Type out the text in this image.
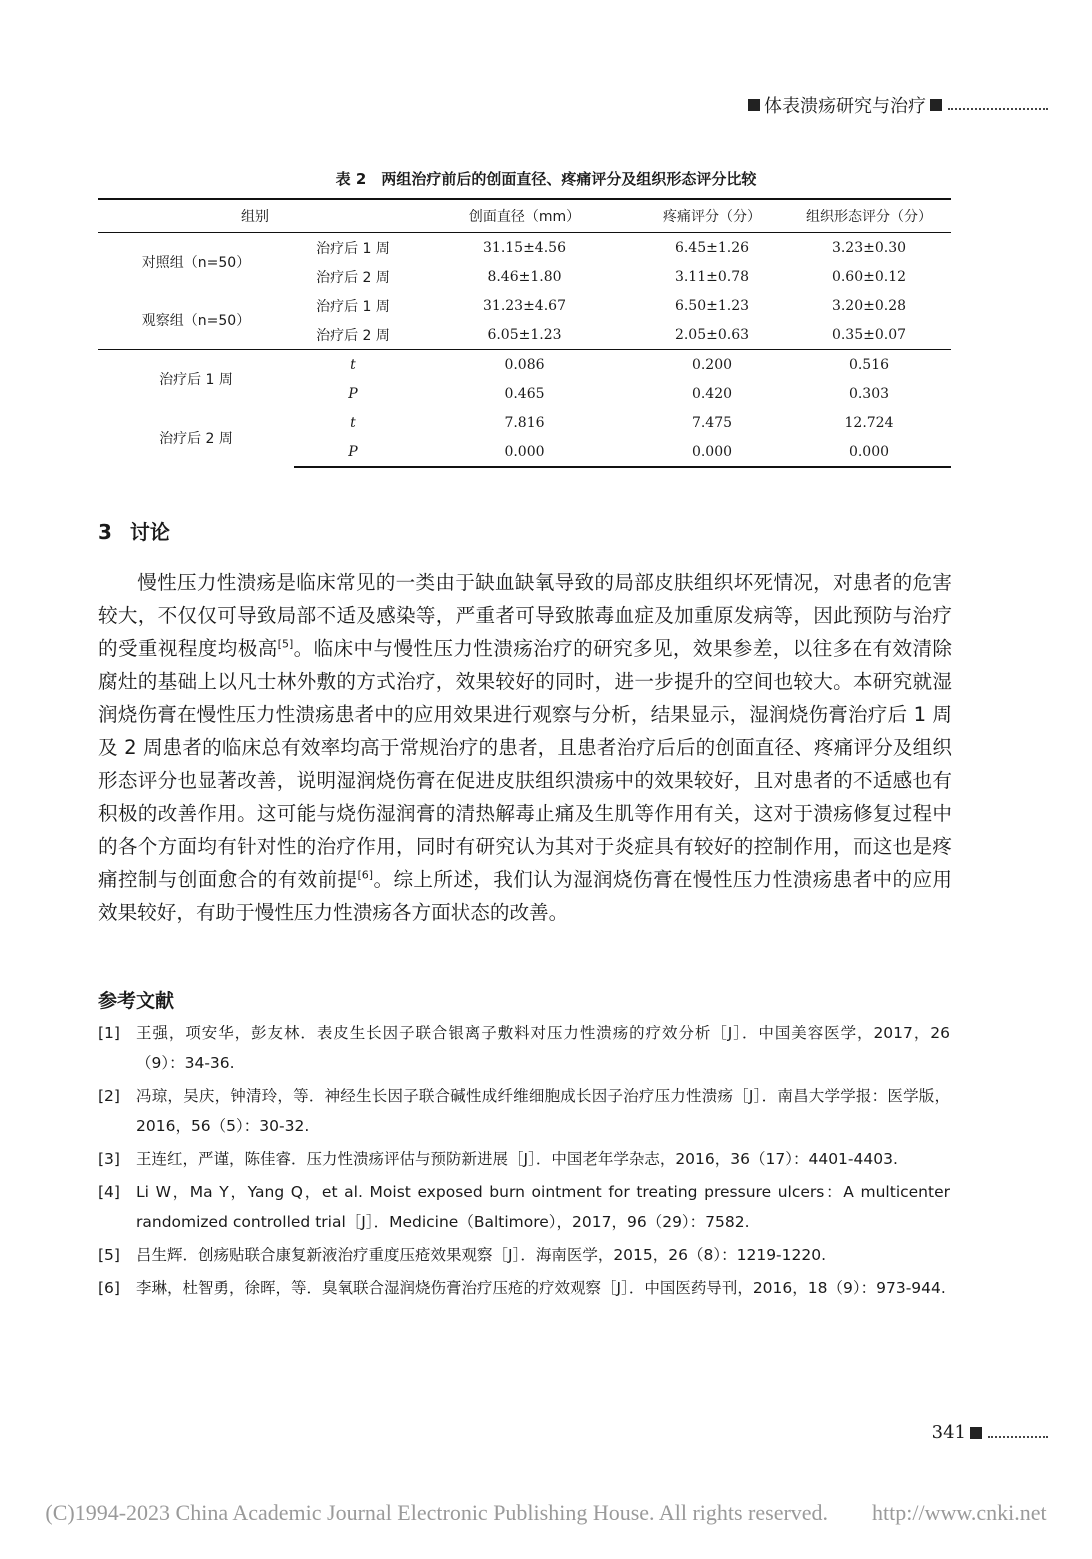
体表溃疡研究与治疗
表 2　两组治疗前后的创面直径、疼痛评分及组织形态评分比较
组别		创面直径（mm）	疼痛评分（分）	组织形态评分（分）
对照组（n=50）	治疗后 1 周	31.15±4.56	6.45±1.26	3.23±0.30
	治疗后 2 周	8.46±1.80	3.11±0.78	0.60±0.12
观察组（n=50）	治疗后 1 周	31.23±4.67	6.50±1.23	3.20±0.28
	治疗后 2 周	6.05±1.23	2.05±0.63	0.35±0.07
治疗后 1 周	t	0.086	0.200	0.516
	P	0.465	0.420	0.303
治疗后 2 周	t	7.816	7.475	12.724
	P	0.000	0.000	0.000
3 讨论

慢性压力性溃疡是临床常见的一类由于缺血缺氧导致的局部皮肤组织坏死情况，对患者的危害较大，不仅仅可导致局部不适及感染等，严重者可导致脓毒血症及加重原发病等，因此预防与治疗的受重视程度均极高[5]。临床中与慢性压力性溃疡治疗的研究多见，效果参差，以往多在有效清除腐灶的基础上以凡士林外敷的方式治疗，效果较好的同时，进一步提升的空间也较大。本研究就湿润烧伤膏在慢性压力性溃疡患者中的应用效果进行观察与分析，结果显示，湿润烧伤膏治疗后 1 周及 2 周患者的临床总有效率均高于常规治疗的患者，且患者治疗后后的创面直径、疼痛评分及组织形态评分也显著改善，说明湿润烧伤膏在促进皮肤组织溃疡中的效果较好，且对患者的不适感也有积极的改善作用。这可能与烧伤湿润膏的清热解毒止痛及生肌等作用有关，这对于溃疡修复过程中的各个方面均有针对性的治疗作用，同时有研究认为其对于炎症具有较好的控制作用，而这也是疼痛控制与创面愈合的有效前提[6]。综上所述，我们认为湿润烧伤膏在慢性压力性溃疡患者中的应用效果较好，有助于慢性压力性溃疡各方面状态的改善。

参考文献
[1]	王强，项安华，彭友林．表皮生长因子联合银离子敷料对压力性溃疡的疗效分析［J］．中国美容医学，2017，26（9）：34-36.
[2]	冯琼，吴庆，钟清玲，等．神经生长因子联合碱性成纤维细胞成长因子治疗压力性溃疡［J］．南昌大学学报：医学版，2016，56（5）：30-32.
[3]	王连红，严谨，陈佳睿．压力性溃疡评估与预防新进展［J］．中国老年学杂志，2016，36（17）：4401-4403.
[4]	Li W，Ma Y，Yang Q，et al. Moist exposed burn ointment for treating pressure ulcers：A multicenter randomized controlled trial［J］．Medicine（Baltimore），2017，96（29）：7582.
[5]	吕生辉．创疡贴联合康复新液治疗重度压疮效果观察［J］．海南医学，2015，26（8）：1219-1220.
[6]	李琳，杜智勇，徐晖，等．臭氧联合湿润烧伤膏治疗压疮的疗效观察［J］．中国医药导刊，2016，18（9）：973-944.
341
(C)1994-2023 China Academic Journal Electronic Publishing House. All rights reserved.　　http://www.cnki.net
